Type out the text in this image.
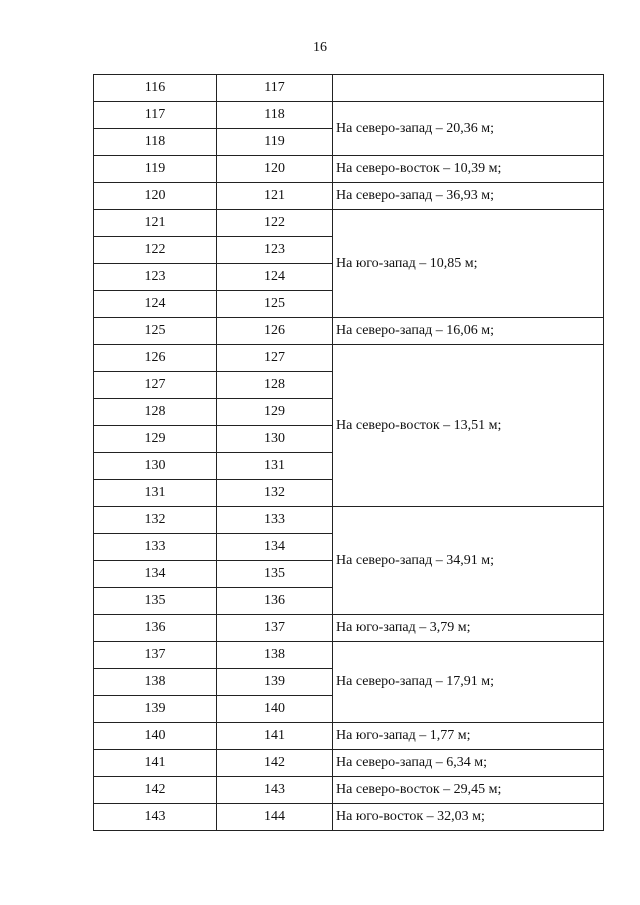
16
116	117	
117	118	На северо-запад – 20,36 м;
118	119	
119	120	На северо-восток – 10,39 м;
120	121	На северо-запад – 36,93 м;
121	122	На юго-запад – 10,85 м;
122	123	
123	124	
124	125	
125	126	На северо-запад – 16,06 м;
126	127	На северо-восток – 13,51 м;
127	128	
128	129	
129	130	
130	131	
131	132	
132	133	На северо-запад – 34,91 м;
133	134	
134	135	
135	136	
136	137	На юго-запад – 3,79 м;
137	138	На северо-запад – 17,91 м;
138	139	
139	140	
140	141	На юго-запад – 1,77 м;
141	142	На северо-запад – 6,34 м;
142	143	На северо-восток – 29,45 м;
143	144	На юго-восток – 32,03 м;
